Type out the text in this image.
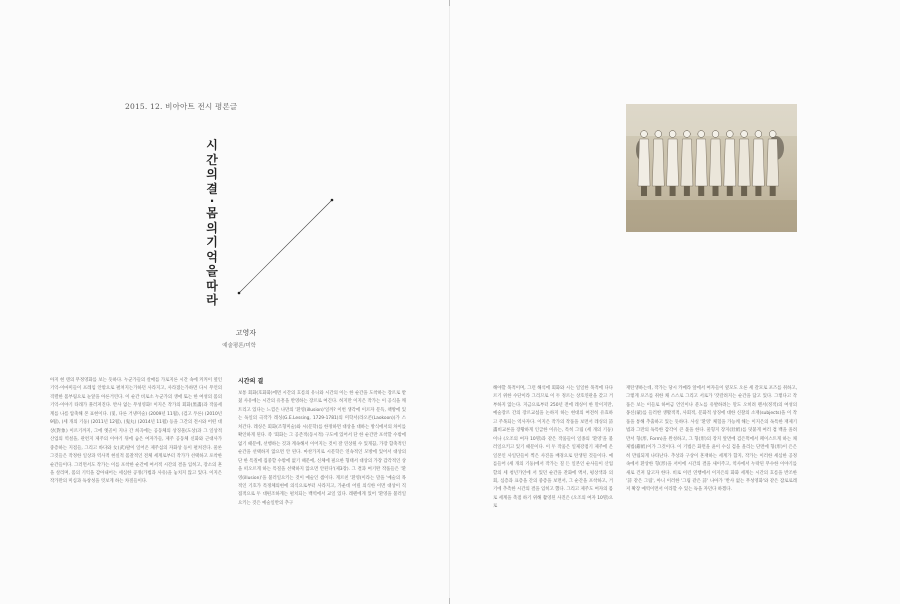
2015. 12. 비아아트 전시 평론글
시
간
의
결
·
몸
의
기
억
을
따
라
고영자
예술평론/미학

아지 현 덴의 무정영화를 보는 듯하다. 누군가들의 살매를 가로지른 시간 속에 커커이 옆인 기억-이마미들이 프레임 안밖으로 펼쳐지는가하던 사라지고, 사라졌는가하면 다시 무언의 격렬한 몸부림으로 눈앞을 아른거린다. 이 순간 비로소 누군가의 생애 또는 한 여성의 몸의 기억-이야기 타래가 풀러져진다. 반사 없는 무성영화! 이지은 작가의 회화(黑畵)과 작품세계를 나름 압축해 본 표현이다. (및, 다른 거냉미술) (2009년 11월), (검고 푸른) (2010년 9월), (세 개의 기둥) (2011년 12월), (鬼丸) (2014년 11월) 등을 그간의 전시와 어떤 대상(對象) 이르기까지, 그에 옛골이 지나 간 희곡에는 공동체의 상징물(도상)과 그 일상적 산업의 역설을, 관련지 제주의 이야기 뒤에 숨은 여자가들, 제주 공동체 신화와 근대사가 중층하는 지점들, 그리고 바다와 女(武)팔이 일어온 제주섬의 자화상 등이 펼쳐진다. 물론 그것들은 작정한 일상과 역사적 현실적 몸찰적인 전체 세계로부터 작가가 선택하고 포착한 순간들이다. 그러면서도 작가는 이를 포착한 순간에 여서적 시간의 결을 입히고, 장소의 흔을 살리며, 몸의 기억을 감아내어는 세심한 공정(가법과 사유)을 놓치지 않고 있다. 이지은 작가만의 미심과 독창성을 엿보게 하는 차질들이다.

시간의 결

보통 회화(호화화)에면 시간의 흐름의 유니와 시간의 이는 한 순간을 도착하는 장르로 받쳤 사유에는 시간의 유흥을 반영하는 장르로 여긴다. 허지만 이지은 작가는 이 공식을 깨트리고 있다는 느낌은 나만의 '환영(illusion)'일까? 이번 생각에 이르자 문득, 책방에 있는 독일의 극작가 레싱(G.E.Lessing, 1729-1781)의 미학서(라오콘(Laokoon))가 스쳐간다. 레싱은 회화(조형미술)와 시(문학)를 한정하면 대상을 대하는 방식에서의 차이를 확인하게 된다. 즉 '회화는 그 공존적(동시적) 구도에 있어서 단 한 순간만 포착할 수밖에 없기 때문에, 선행하는 것과 계속해서 이어지는 것이 잘 연상될 수 있게끔, 가장 함축적인 순간을 선택하지 않으면 안 된다. 마찬가지로 시문학은 연속적인 모방에 있어서 대상의 단 한 특질에 집중할 수밖에 없기 때문에, 신체에 필요한 형태서 대상의 가장 감각적인 상을 떠오르게 하는 특질을 선택하지 않으면 안된다'(제3장). 그 결과 여기완 작품들은 '환영(illusion)'을 불러일으키는 것이 예술인 셈이다. 게르친 '환영(이라는 말을 '예술의 목적인 기호가 특정체의현에 의식으로부터 사라지고, 가운데 어릴 의식한 이면 대상이 직접적으로 두 대편조하게는 펼치되는 백역에서 교일 있다. 레펜에게 있어 '환영을 불러일으키는 것은 예술일반의 추구

해야할 목적이며, 그런 해석에 회화와 시는 일일한 목적에 다다르기 위한 수단이라 그리므로 이 두 정르는 상호연관을 갖고 거부하지 않는다. 지금으로부터 250년 전에 레싱이 한 말이지만, 예술장르 간의 장르교섭을 논하지 하는 현대의 여전히 유효하고 주목되는 역사자다. 이지은 작가의 작품을 보면서 레싱의 詩 畵비교론을 장황하게 인급한 이유는, 특히 그림 (세 개의 기둥)이나 (오조의 여자 10명)과 같은 작품들이 일종의 '환영'을 불러일으키고 있기 때문이다. 이 두 작품은 일제강점기 제주에 온 일본인 사일단들이 찍은 사진을 배경으로 탄생된 것들이다. 예를들어 (세 개의 기둥)에서 작가는 칠 든 일본인 순사들이 산업할의 세 청년가인에 서 있던 순간을 잔화에 액서, 평상색과 의회, 심층과 표층을 간의 중층을 보면서, 그 순간을 포착하고, 거기에 추측한 시간의 결을 입히고 했다. 그리고 제주도 여자의 몸로 세계을 촉점 하기 위해 촬영된 사진은 (오조의 여자 10명)으로

재탄생하는데, 작가는 당시 카메라 앞에서 여자들이 옆모도 오른 세 갈모로 포즈를 취하고, 그렇게 포즈를 취한 채 스스로 그리고 서로가 '갓갈려지는 순간을 담고 있다. 그렇다고 작품은 보는 이들로 하여금 언인이나 분노를 유발하려는 말도 오히려 렌서(정적)의 여성의 몽신(蒙)를 들러싼 생활적적, 사회적, 문화적 상징에 대한 신찰의 소재(subjects)을 이 작품을 통해 추출하고 있는 듯하다. 사실 '환영' 체험을 가능케 해는 이지은의 독특한 재제기법과 그만의 독특한 감각이 큰 몫을 한다. 물형지 장지(壯紙)를 덧붙게 여러 겹 백을 올려 만서 형(形, Form)을 완성하고, 그 형(形)의 장지 앞면에 검은먹에서 페이스트게 하는 채제법(辭紙)이가 그것이다. 이 기법은 화면을 윤이 수심 검을 올리는 단면에 형(形)이 은은히 만림되게 나타난다. 추상과 구상이 혼재하는 세계가 함지, 작가는 이러한 세심한 공정 속에서 환상한 형(形)을 서이에 시간의 결을 새이주고, 역사에서 누락된 무수한 이야기를 새로 건져 담고자 한다. 비로 이런 연행에서 이지은의 화화 세계는 시간의 흐름을 반조한 '詩 같은 그림', 아니 이러한 '그림 같은 詩' 나아가 '반사 없는 무성영화'와 같은 잠로로레저 확장 예역이면서 이라할 수 있는 독을 자던다 하겠다.
